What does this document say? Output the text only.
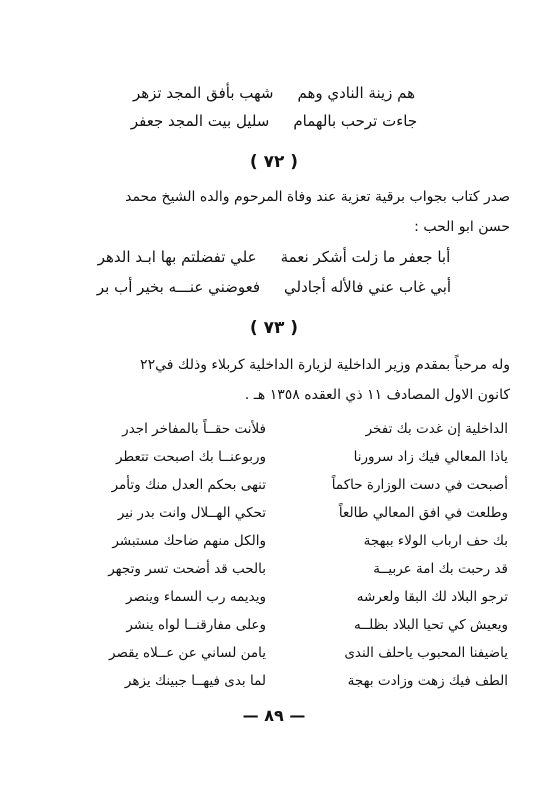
هم زينة النادي وهم
شهب بأفق المجد تزهر
جاءت ترحب بالهمام
سليل بيت المجد جعفر
( ٧٢ )
صدر كتاب بجواب برقية تعزية عند وفاة المرحوم والده الشيخ محمد
حسن ابو الحب :
أبا جعفر ما زلت أشكر نعمة
علي تفضلتم بها ابـد الدهر
أبي غاب عني فالأله أجادلي
فعوضني عنـــه بخير أب بر
( ٧٣ )
وله مرحباً بمقدم وزير الداخلية لزيارة الداخلية كربلاء وذلك في٢٢
كانون الاول المصادف ١١ ذي العقده ١٣٥٨ هـ .
الداخلية إن غدت بك تفخر
فلأنت حقــاً بالمفاخر اجدر
ياذا المعالي فيك زاد سرورنا
وربوعنــا بك اصبحت تتعطر
أصبحت في دست الوزارة حاكماً
تنهى بحكم العدل منك وتأمر
وطلعت في افق المعالي طالعاً
تحكي الهــلال وانت بدر نير
بك حف ارباب الولاء ببهجة
والكل منهم ضاحك مستبشر
قد رحبت بك امة عربيــة
بالحب قد أضحت تسر وتجهر
ترجو البلاد لك البقا ولعرشه
ويديمه رب السماء وينصر
ويعيش كي تحيا البلاد بظلــه
وعلى مفارقنــا لواه ينشر
ياضيفنا المحبوب ياحلف الندى
يامن لساني عن عــلاه يقصر
الطف فيك زهت وزادت بهجة
لما بدى فيهــا جبينك يزهر
— ٨٩ —
